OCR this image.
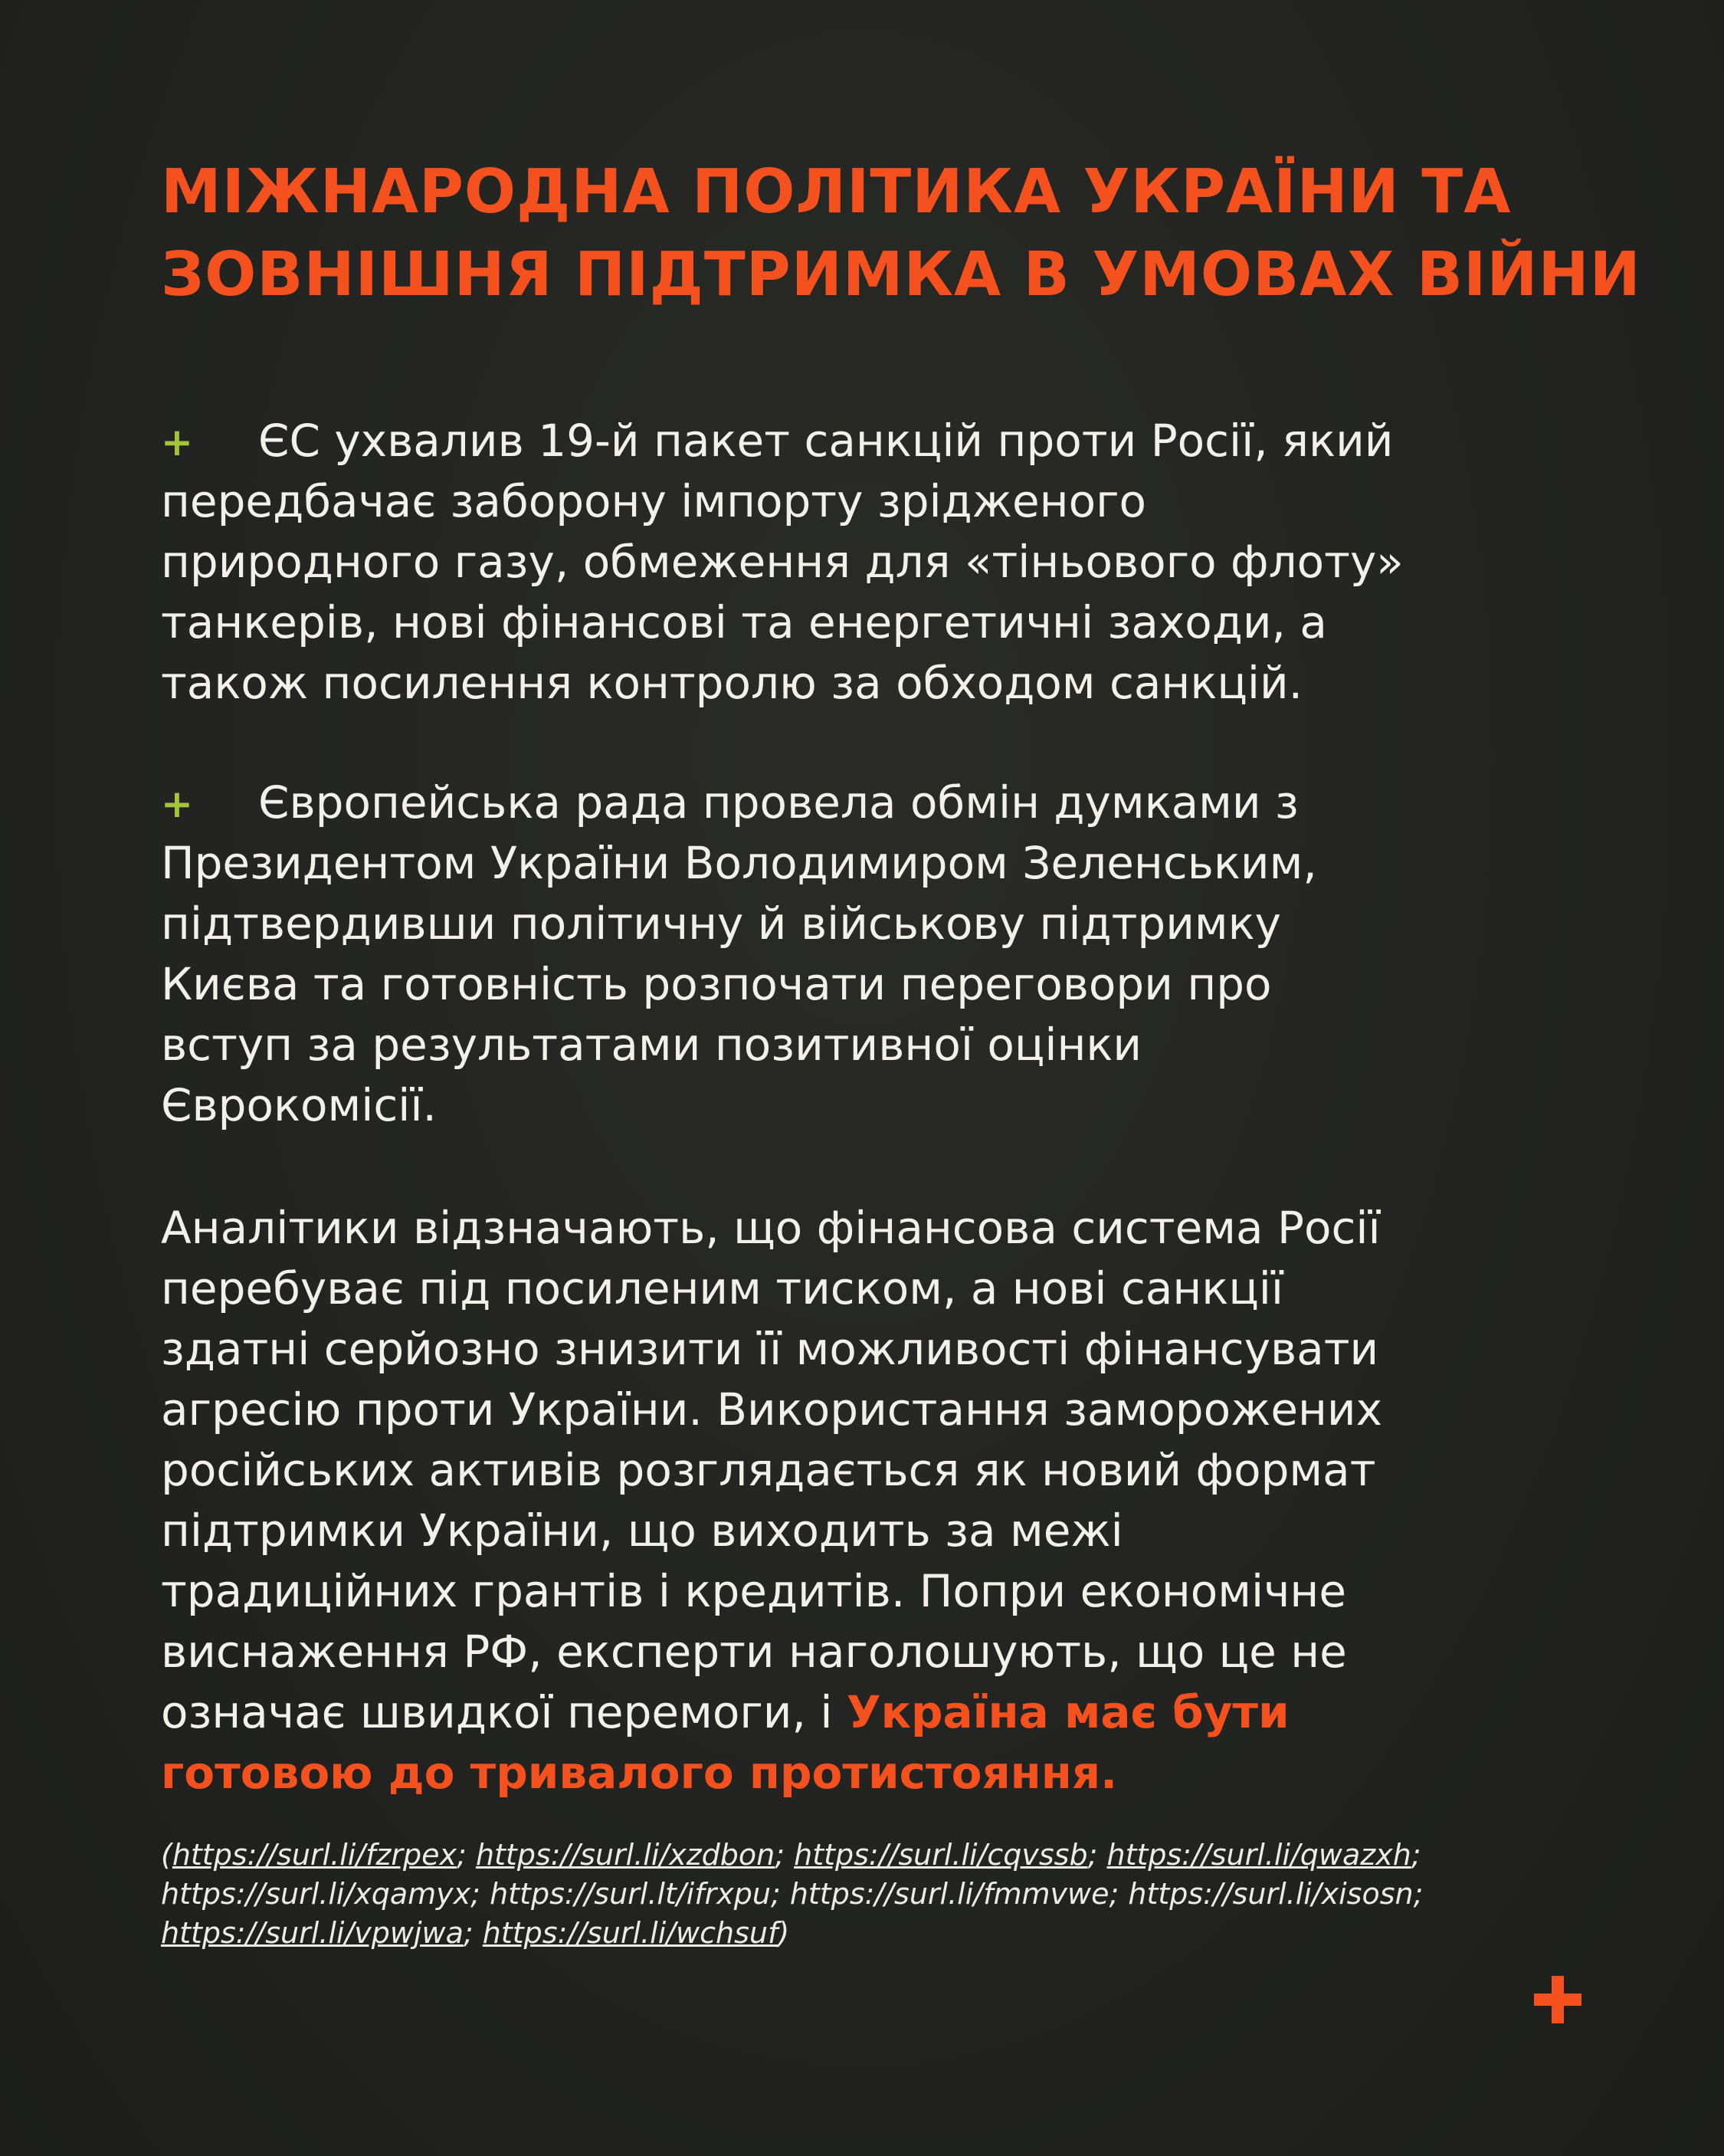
МІЖНАРОДНА ПОЛІТИКА УКРАЇНИ ТА
ЗОВНІШНЯ ПІДТРИМКА В УМОВАХ ВІЙНИ
+	ЄС ухвалив 19-й пакет санкцій проти Росії, який
передбачає заборону імпорту зрідженого
природного газу, обмеження для «тіньового флоту»
танкерів, нові фінансові та енергетичні заходи, а
також посилення контролю за обходом санкцій.
+	Європейська рада провела обмін думками з
Президентом України Володимиром Зеленським,
підтвердивши політичну й військову підтримку
Києва та готовність розпочати переговори про
вступ за результатами позитивної оцінки
Єврокомісії.
Аналітики відзначають, що фінансова система Росії
перебуває під посиленим тиском, а нові санкції
здатні серйозно знизити її можливості фінансувати
агресію проти України. Використання заморожених
російських активів розглядається як новий формат
підтримки України, що виходить за межі
традиційних грантів і кредитів. Попри економічне
виснаження РФ, експерти наголошують, що це не
означає швидкої перемоги, і Україна має бути
готовою до тривалого протистояння.
(https://surl.li/fzrpex; https://surl.li/xzdbon; https://surl.li/cqvssb; https://surl.li/qwazxh;
https://surl.li/xqamyx; https://surl.lt/ifrxpu; https://surl.li/fmmvwe; https://surl.li/xisosn;
https://surl.li/vpwjwa; https://surl.li/wchsuf)
